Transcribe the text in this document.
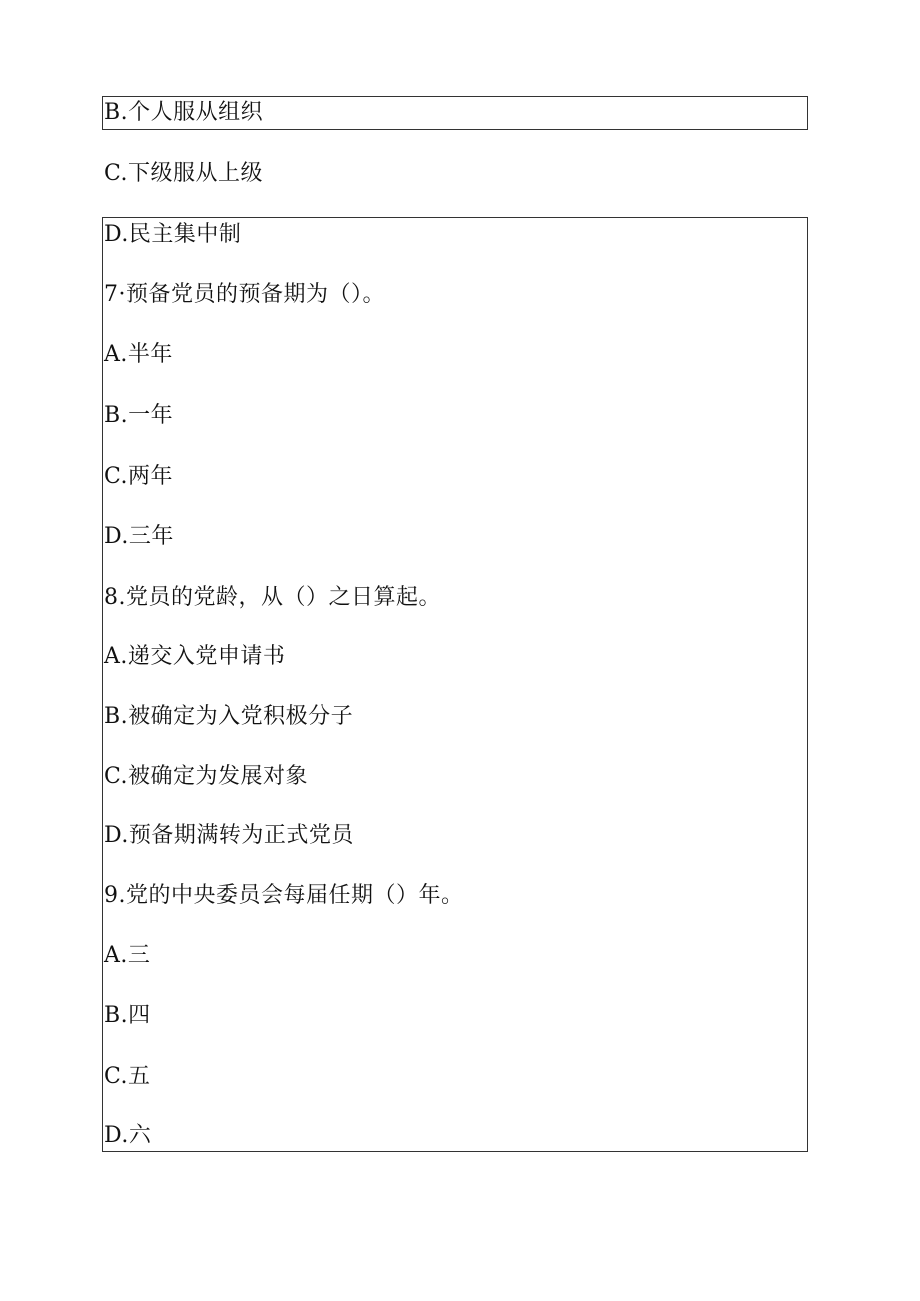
B.个人服从组织
C.下级服从上级
D.民主集中制
7·预备党员的预备期为（）。
A.半年
B.一年
C.两年
D.三年
8.党员的党龄，从（）之日算起。
A.递交入党申请书
B.被确定为入党积极分子
C.被确定为发展对象
D.预备期满转为正式党员
9.党的中央委员会每届任期（）年。
A.三
B.四
C.五
D.六
